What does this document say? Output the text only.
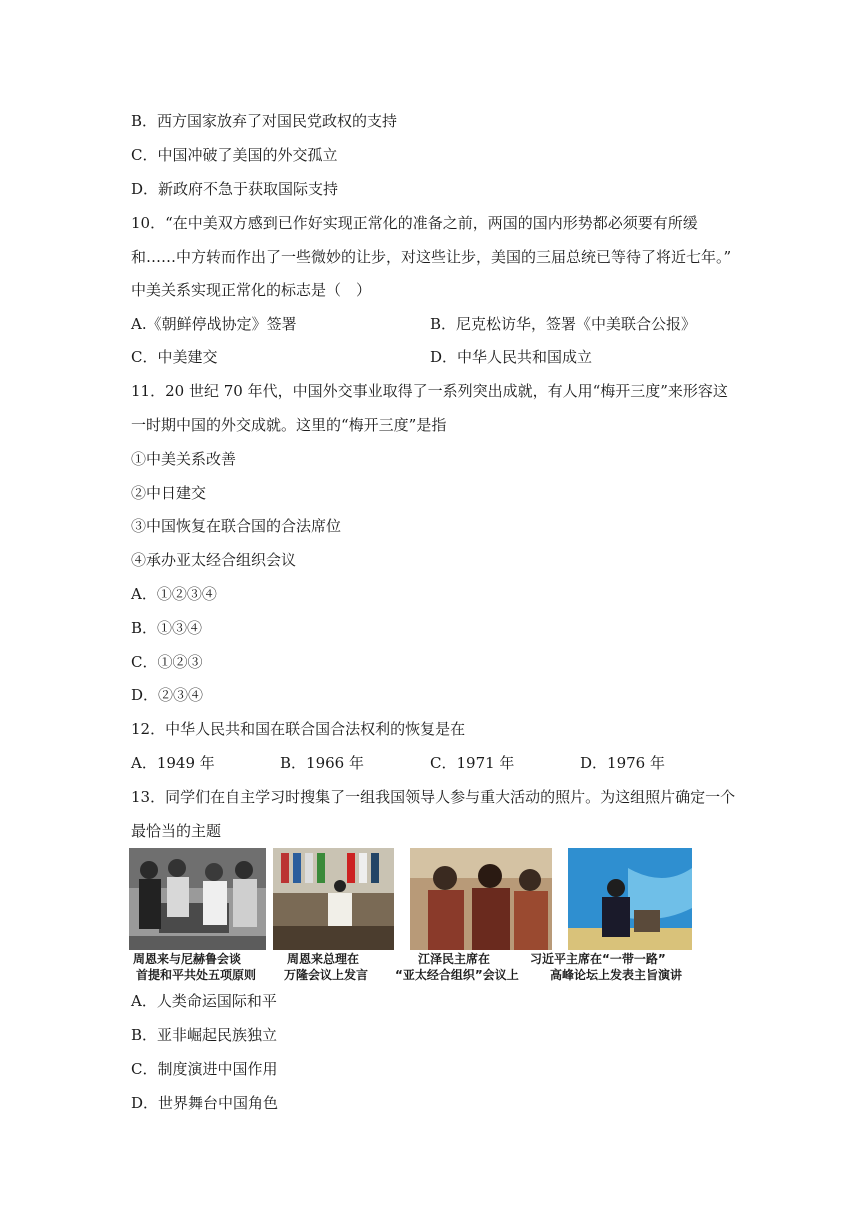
B．西方国家放弃了对国民党政权的支持
C．中国冲破了美国的外交孤立
D．新政府不急于获取国际支持
10．“在中美双方感到已作好实现正常化的准备之前，两国的国内形势都必须要有所缓
和……中方转而作出了一些微妙的让步，对这些让步，美国的三届总统已等待了将近七年。”
中美关系实现正常化的标志是（　）
A.《朝鲜停战协定》签署	B．尼克松访华，签署《中美联合公报》
C．中美建交	D．中华人民共和国成立
11．20 世纪 70 年代，中国外交事业取得了一系列突出成就，有人用“梅开三度”来形容这
一时期中国的外交成就。这里的“梅开三度”是指
①中美关系改善
②中日建交
③中国恢复在联合国的合法席位
④承办亚太经合组织会议
A．①②③④
B．①③④
C．①②③
D．②③④
12．中华人民共和国在联合国合法权利的恢复是在
A．1949 年	B．1966 年	C．1971 年	D．1976 年
13．同学们在自主学习时搜集了一组我国领导人参与重大活动的照片。为这组照片确定一个
最恰当的主题
周恩来与尼赫鲁会谈
首提和平共处五项原则
周恩来总理在
万隆会议上发言
江泽民主席在
“亚太经合组织”会议上
习近平主席在“一带一路”
高峰论坛上发表主旨演讲
A．人类命运国际和平
B．亚非崛起民族独立
C．制度演进中国作用
D．世界舞台中国角色
